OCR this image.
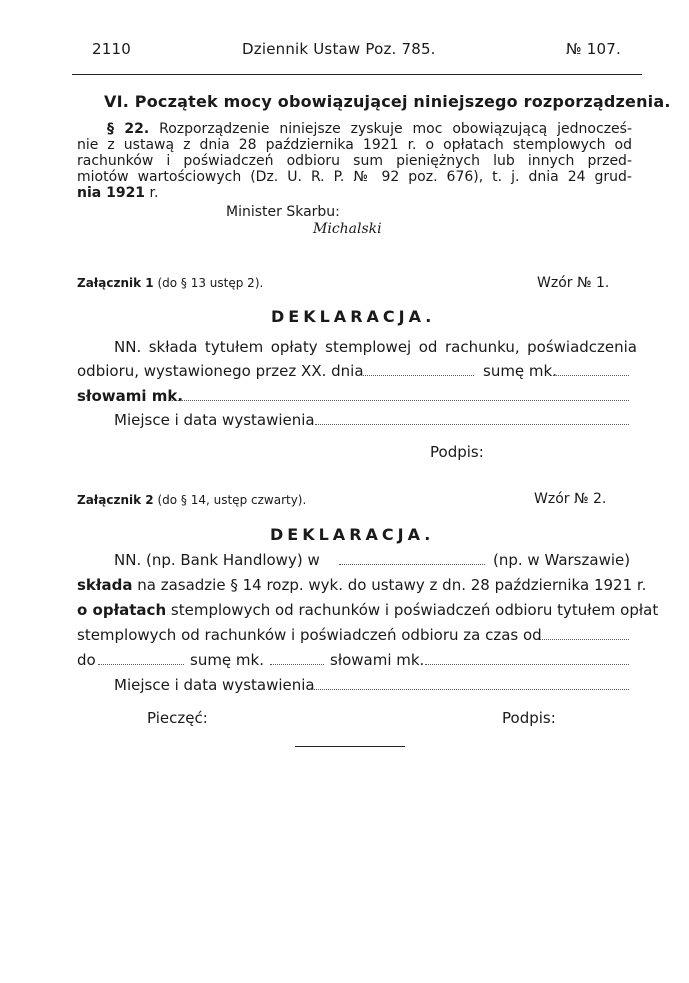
2110	Dziennik Ustaw Poz. 785.	№ 107.
VI. Początek mocy obowiązującej niniejszego rozporządzenia.
§ 22. Rozporządzenie niniejsze zyskuje moc obowiązującą jednocześ-
nie z ustawą z dnia 28 października 1921 r. o opłatach stemplowych od
rachunków i poświadczeń odbioru sum pieniężnych lub innych przed-
miotów wartościowych (Dz. U. R. P. № 92 poz. 676), t. j. dnia 24 grud-
nia 1921 r.
Minister Skarbu:
Michalski
Załącznik 1 (do § 13 ustęp 2).	Wzór № 1.
DEKLARACJA.
NN. składa tytułem opłaty stemplowej od rachunku, poświadczenia
odbioru, wystawionego przez XX. dnia	sumę mk.
słowami mk.
Miejsce i data wystawienia
Podpis:
Załącznik 2 (do § 14, ustęp czwarty).	Wzór № 2.
DEKLARACJA.
NN. (np. Bank Handlowy) w	(np. w Warszawie)
składa na zasadzie § 14 rozp. wyk. do ustawy z dn. 28 października 1921 r.
o opłatach stemplowych od rachunków i poświadczeń odbioru tytułem opłat
stemplowych od rachunków i poświadczeń odbioru za czas od
do	sumę mk.	słowami mk.
Miejsce i data wystawienia
Pieczęć:	Podpis:
